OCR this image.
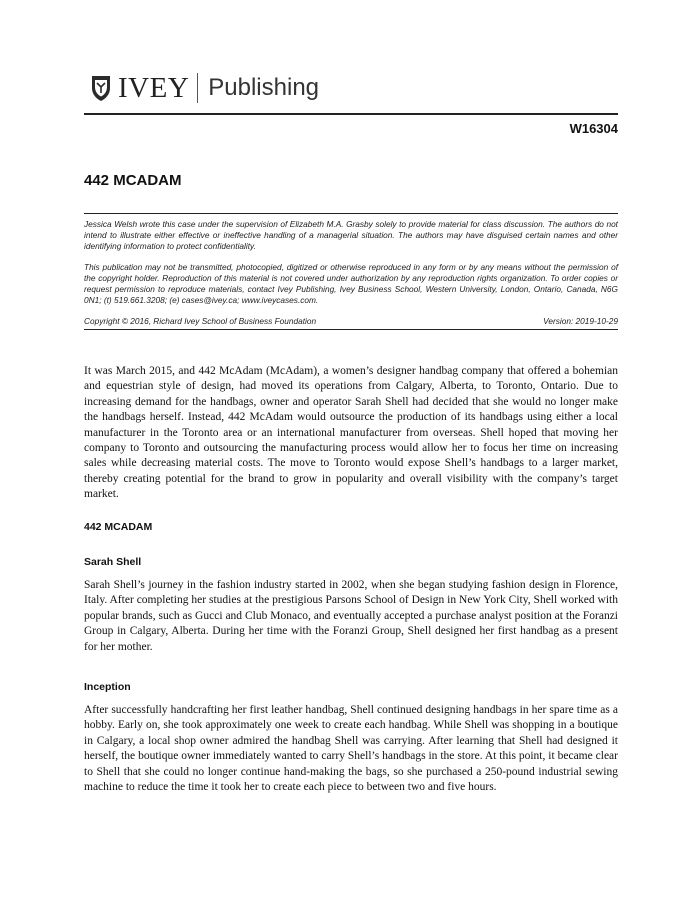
IVEY Publishing
W16304
442 MCADAM

Jessica Welsh wrote this case under the supervision of Elizabeth M.A. Grasby solely to provide material for class discussion. The authors do not intend to illustrate either effective or ineffective handling of a managerial situation. The authors may have disguised certain names and other identifying information to protect confidentiality.

This publication may not be transmitted, photocopied, digitized or otherwise reproduced in any form or by any means without the permission of the copyright holder. Reproduction of this material is not covered under authorization by any reproduction rights organization. To order copies or request permission to reproduce materials, contact Ivey Publishing, Ivey Business School, Western University, London, Ontario, Canada, N6G 0N1; (t) 519.661.3208; (e) cases@ivey.ca; www.iveycases.com.

Copyright © 2016, Richard Ivey School of Business Foundation	Version: 2019-10-29

It was March 2015, and 442 McAdam (McAdam), a women’s designer handbag company that offered a bohemian and equestrian style of design, had moved its operations from Calgary, Alberta, to Toronto, Ontario. Due to increasing demand for the handbags, owner and operator Sarah Shell had decided that she would no longer make the handbags herself. Instead, 442 McAdam would outsource the production of its handbags using either a local manufacturer in the Toronto area or an international manufacturer from overseas. Shell hoped that moving her company to Toronto and outsourcing the manufacturing process would allow her to focus her time on increasing sales while decreasing material costs. The move to Toronto would expose Shell’s handbags to a larger market, thereby creating potential for the brand to grow in popularity and overall visibility with the company’s target market.

442 MCADAM
Sarah Shell

Sarah Shell’s journey in the fashion industry started in 2002, when she began studying fashion design in Florence, Italy. After completing her studies at the prestigious Parsons School of Design in New York City, Shell worked with popular brands, such as Gucci and Club Monaco, and eventually accepted a purchase analyst position at the Foranzi Group in Calgary, Alberta. During her time with the Foranzi Group, Shell designed her first handbag as a present for her mother.

Inception

After successfully handcrafting her first leather handbag, Shell continued designing handbags in her spare time as a hobby. Early on, she took approximately one week to create each handbag. While Shell was shopping in a boutique in Calgary, a local shop owner admired the handbag Shell was carrying. After learning that Shell had designed it herself, the boutique owner immediately wanted to carry Shell’s handbags in the store. At this point, it became clear to Shell that she could no longer continue hand-making the bags, so she purchased a 250-pound industrial sewing machine to reduce the time it took her to create each piece to between two and five hours.
